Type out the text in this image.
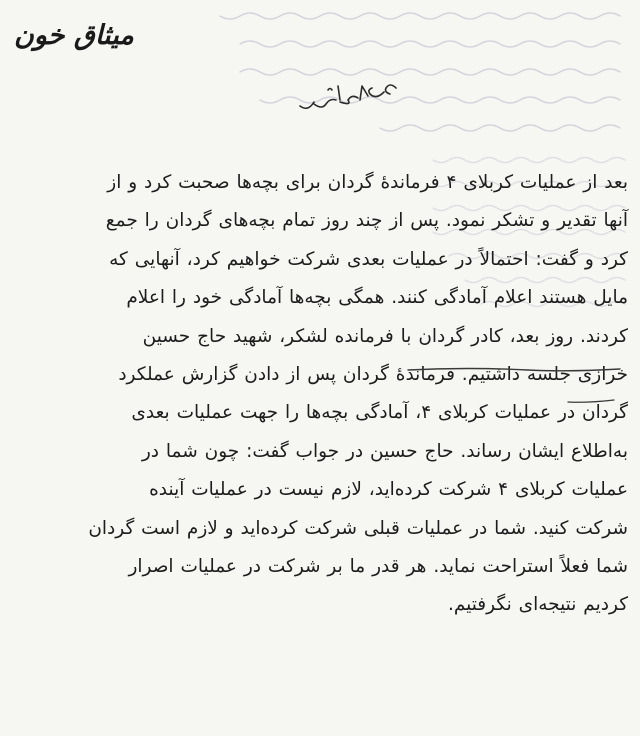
میثاق خون
بعد از عملیات کربلای ۴ فرماندهٔ گردان برای بچه‌ها صحبت کرد و از
آنها تقدیر و تشکر نمود. پس از چند روز تمام بچه‌های گردان را جمع
کرد و گفت: احتمالاً در عملیات بعدی شرکت خواهیم کرد، آنهایی که
مایل هستند اعلام آمادگی کنند. همگی بچه‌ها آمادگی خود را اعلام
کردند. روز بعد، کادر گردان با فرمانده لشکر، شهید حاج حسین
خرازی جلسه داشتیم. فرماندهٔ گردان پس از دادن گزارش عملکرد
گردان در عملیات کربلای ۴، آمادگی بچه‌ها را جهت عملیات بعدی
به‌اطلاع ایشان رساند. حاج حسین در جواب گفت: چون شما در
عملیات کربلای ۴ شرکت کرده‌اید، لازم نیست در عملیات آینده
شرکت کنید. شما در عملیات قبلی شرکت کرده‌اید و لازم است گردان
شما فعلاً استراحت نماید. هر قدر ما بر شرکت در عملیات اصرار
کردیم نتیجه‌ای نگرفتیم.
